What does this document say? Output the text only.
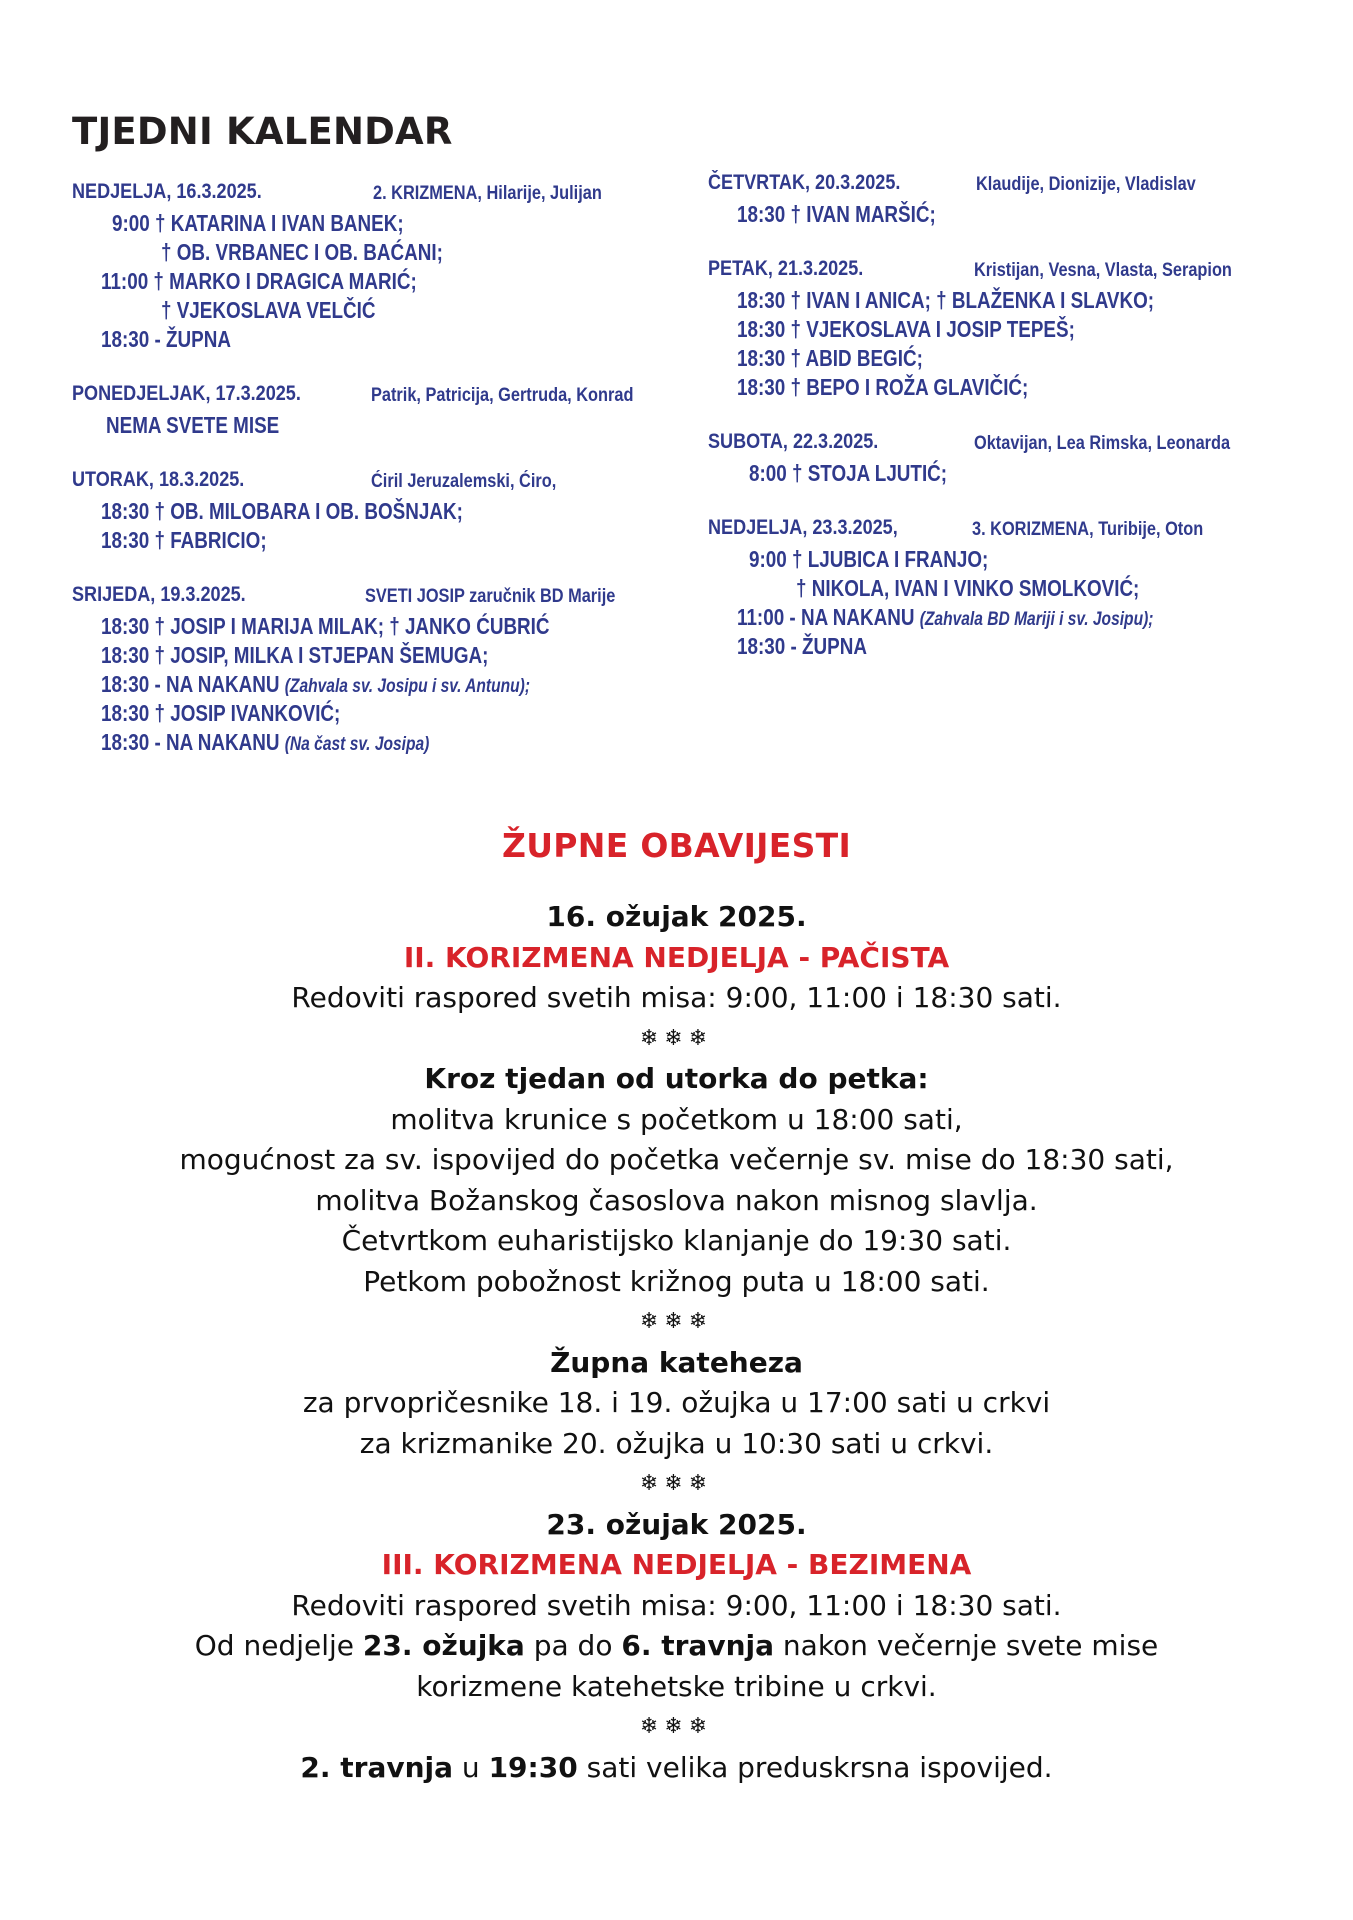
TJEDNI KALENDAR
NEDJELJA, 16.3.2025.	2. KRIZMENA, Hilarije, Julijan
9:00 † KATARINA I IVAN BANEK;
† OB. VRBANEC I OB. BAĆANI;
11:00 † MARKO I DRAGICA MARIĆ;
† VJEKOSLAVA VELČIĆ
18:30 - ŽUPNA
PONEDJELJAK, 17.3.2025.	Patrik, Patricija, Gertruda, Konrad
NEMA SVETE MISE
UTORAK, 18.3.2025.	Ćiril Jeruzalemski, Ćiro,
18:30 † OB. MILOBARA I OB. BOŠNJAK;
18:30 † FABRICIO;
SRIJEDA, 19.3.2025.	SVETI JOSIP zaručnik BD Marije
18:30 † JOSIP I MARIJA MILAK; † JANKO ĆUBRIĆ
18:30 † JOSIP, MILKA I STJEPAN ŠEMUGA;
18:30 - NA NAKANU (Zahvala sv. Josipu i sv. Antunu);
18:30 † JOSIP IVANKOVIĆ;
18:30 - NA NAKANU (Na čast sv. Josipa)
ČETVRTAK, 20.3.2025.	Klaudije, Dionizije, Vladislav
18:30 † IVAN MARŠIĆ;
PETAK, 21.3.2025.	Kristijan, Vesna, Vlasta, Serapion
18:30 † IVAN I ANICA; † BLAŽENKA I SLAVKO;
18:30 † VJEKOSLAVA I JOSIP TEPEŠ;
18:30 † ABID BEGIĆ;
18:30 † BEPO I ROŽA GLAVIČIĆ;
SUBOTA, 22.3.2025.	Oktavijan, Lea Rimska, Leonarda
8:00 † STOJA LJUTIĆ;
NEDJELJA, 23.3.2025,	3. KORIZMENA, Turibije, Oton
9:00 † LJUBICA I FRANJO;
† NIKOLA, IVAN I VINKO SMOLKOVIĆ;
11:00 - NA NAKANU (Zahvala BD Mariji i sv. Josipu);
18:30 - ŽUPNA
ŽUPNE OBAVIJESTI
16. ožujak 2025.
II. KORIZMENA NEDJELJA - PAČISTA
Redoviti raspored svetih misa: 9:00, 11:00 i 18:30 sati.
❄❄❄
Kroz tjedan od utorka do petka:
molitva krunice s početkom u 18:00 sati,
mogućnost za sv. ispovijed do početka večernje sv. mise do 18:30 sati,
molitva Božanskog časoslova nakon misnog slavlja.
Četvrtkom euharistijsko klanjanje do 19:30 sati.
Petkom pobožnost križnog puta u 18:00 sati.
❄❄❄
Župna kateheza
za prvopričesnike 18. i 19. ožujka u 17:00 sati u crkvi
za krizmanike 20. ožujka u 10:30 sati u crkvi.
❄❄❄
23. ožujak 2025.
III. KORIZMENA NEDJELJA - BEZIMENA
Redoviti raspored svetih misa: 9:00, 11:00 i 18:30 sati.
Od nedjelje 23. ožujka pa do 6. travnja nakon večernje svete mise
korizmene katehetske tribine u crkvi.
❄❄❄
2. travnja u 19:30 sati velika preduskrsna ispovijed.
